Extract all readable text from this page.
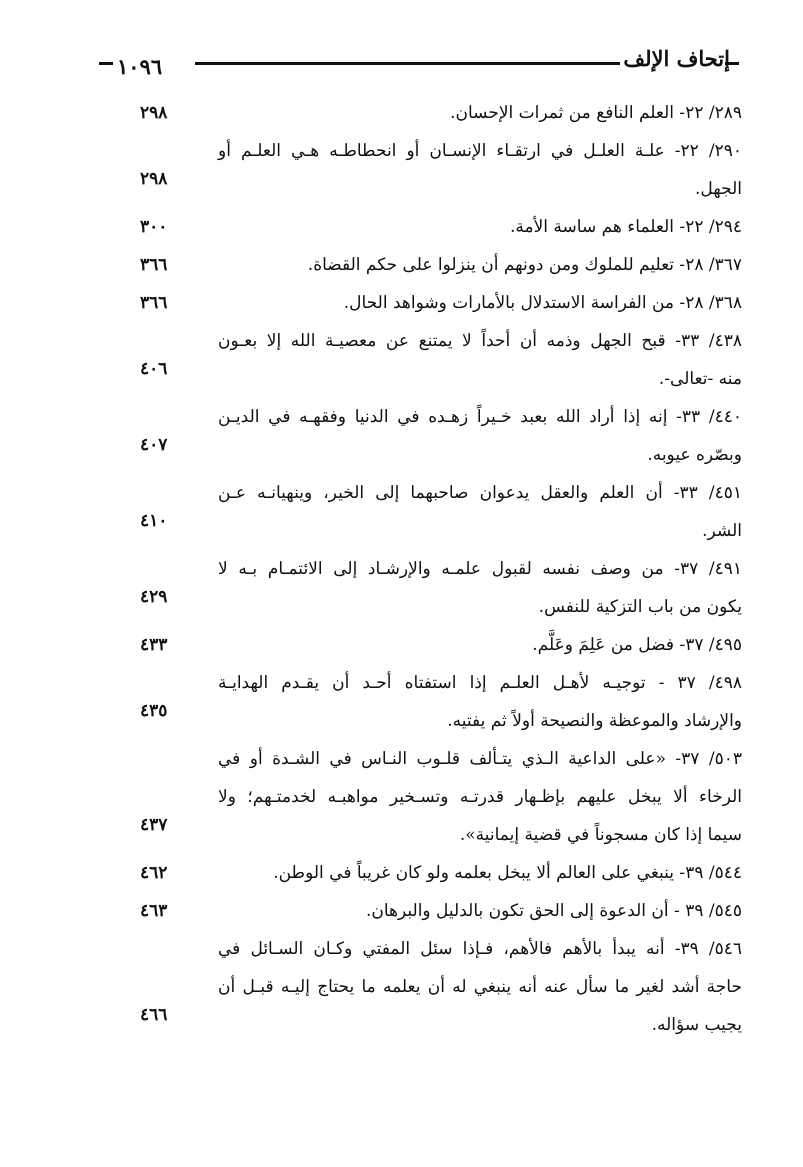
إتحاف الإلف
١٠٩٦
٢٨٩/ ٢٢- العلم النافع من ثمرات الإحسان.
٢٩٨
٢٩٠/ ٢٢- علـة العلـل في ارتقـاء الإنسـان أو انحطاطـه هـي العلـم أو
الجهل.
٢٩٨
٢٩٤/ ٢٢- العلماء هم ساسة الأمة.
٣٠٠
٣٦٧/ ٢٨- تعليم للملوك ومن دونهم أن ينزلوا على حكم القضاة.
٣٦٦
٣٦٨/ ٢٨- من الفراسة الاستدلال بالأمارات وشواهد الحال.
٣٦٦
٤٣٨/ ٣٣- قبح الجهل وذمه أن أحداً لا يمتنع عن معصيـة الله إلا بعـون
منه -تعالى-.
٤٠٦
٤٤٠/ ٣٣- إنه إذا أراد الله بعبد خـيراً زهـده في الدنيا وفقهـه في الديـن
وبصّره عيوبه.
٤٠٧
٤٥١/ ٣٣- أن العلم والعقل يدعوان صاحبهما إلى الخير، وينهيانـه عـن
الشر.
٤١٠
٤٩١/ ٣٧- من وصف نفسه لقبول علمـه والإرشـاد إلى الائتمـام بـه لا
يكون من باب التزكية للنفس.
٤٢٩
٤٩٥/ ٣٧- فضل من عَلِمَ وعَلَّم.
٤٣٣
٤٩٨/ ٣٧ - توجيـه لأهـل العلـم إذا استفتاه أحـد أن يقـدم الهدايـة
والإرشاد والموعظة والنصيحة أولاً ثم يفتيه.
٤٣٥
٥٠٣/ ٣٧- «على الداعية الـذي يتـألف قلـوب النـاس في الشـدة أو في
الرخاء ألا يبخل عليهم بإظـهار قدرتـه وتسـخير مواهبـه لخدمتـهم؛ ولا
سيما إذا كان مسجوناً في قضية إيمانية».
٤٣٧
٥٤٤/ ٣٩- ينبغي على العالم ألا يبخل بعلمه ولو كان غريباً في الوطن.
٤٦٢
٥٤٥/ ٣٩ - أن الدعوة إلى الحق تكون بالدليل والبرهان.
٤٦٣
٥٤٦/ ٣٩- أنه يبدأ بالأهم فالأهم، فـإذا سئل المفتي وكـان السـائل في
حاجة أشد لغير ما سأل عنه أنه ينبغي له أن يعلمه ما يحتاج إليـه قبـل أن
يجيب سؤاله.
٤٦٦
